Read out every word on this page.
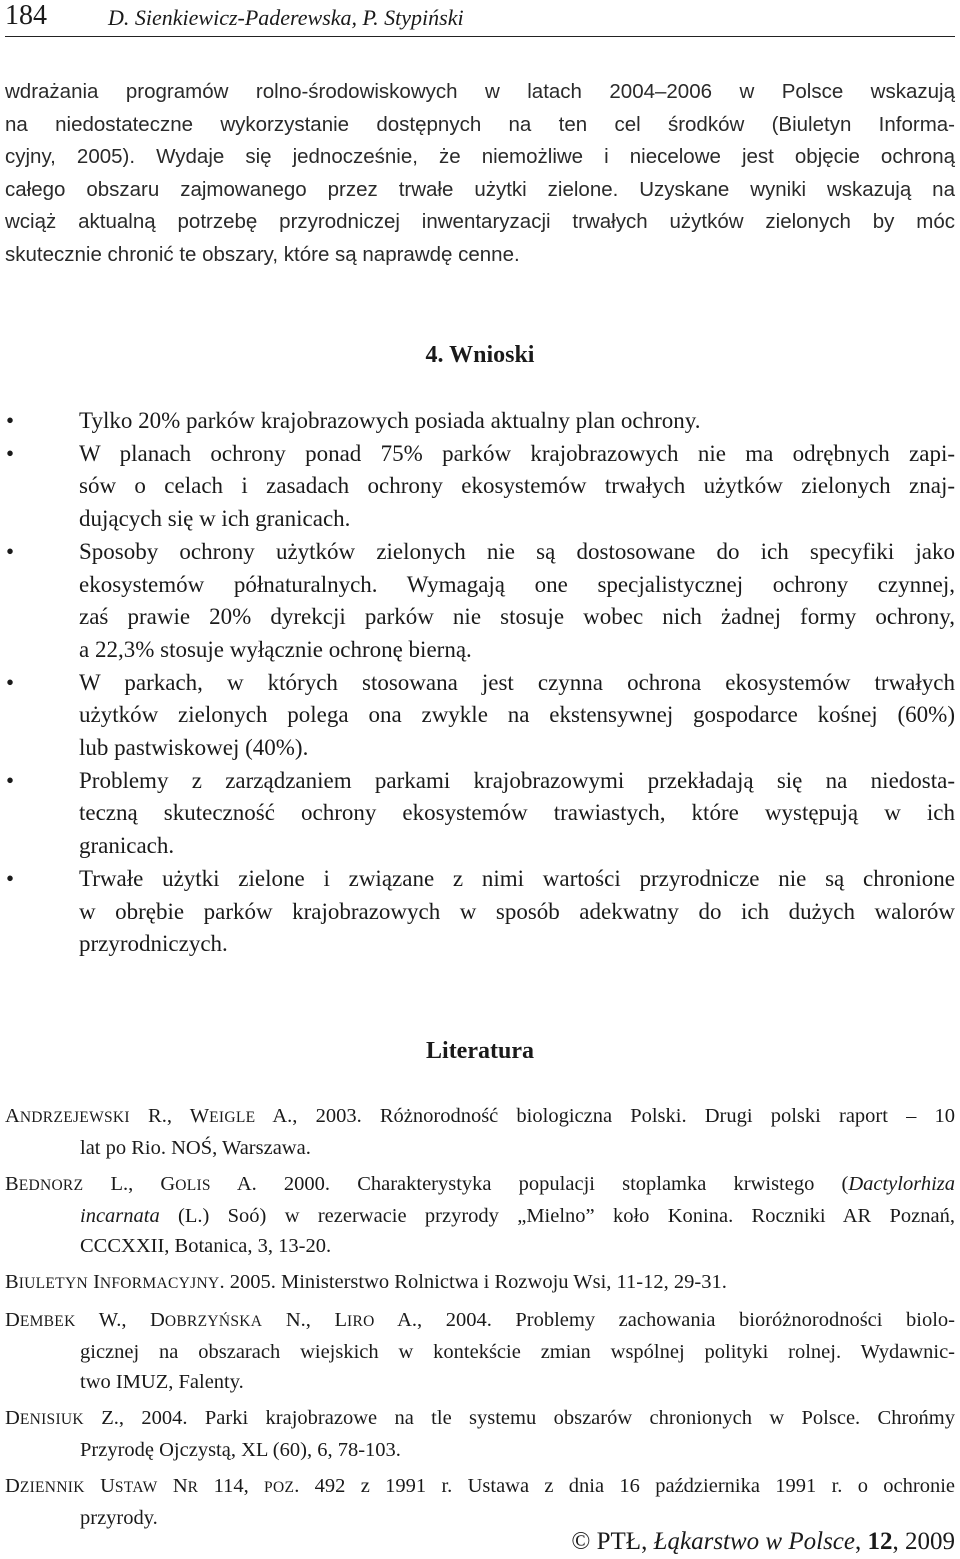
184	D. Sienkiewicz-Paderewska, P. Stypiński
wdrażania programów rolno-środowiskowych w latach 2004–2006 w Polsce wskazują
na niedostateczne wykorzystanie dostępnych na ten cel środków (Biuletyn Informa-
cyjny, 2005). Wydaje się jednocześnie, że niemożliwe i niecelowe jest objęcie ochroną
całego obszaru zajmowanego przez trwałe użytki zielone. Uzyskane wyniki wskazują na
wciąż aktualną potrzebę przyrodniczej inwentaryzacji trwałych użytków zielonych by móc
skutecznie chronić te obszary, które są naprawdę cenne.
4. Wnioski
•	Tylko 20% parków krajobrazowych posiada aktualny plan ochrony.
•	W planach ochrony ponad 75% parków krajobrazowych nie ma odrębnych zapi-
sów o celach i zasadach ochrony ekosystemów trwałych użytków zielonych znaj-
dujących się w ich granicach.
•	Sposoby ochrony użytków zielonych nie są dostosowane do ich specyfiki jako
ekosystemów półnaturalnych. Wymagają one specjalistycznej ochrony czynnej,
zaś prawie 20% dyrekcji parków nie stosuje wobec nich żadnej formy ochrony,
a 22,3% stosuje wyłącznie ochronę bierną.
•	W parkach, w których stosowana jest czynna ochrona ekosystemów trwałych
użytków zielonych polega ona zwykle na ekstensywnej gospodarce kośnej (60%)
lub pastwiskowej (40%).
•	Problemy z zarządzaniem parkami krajobrazowymi przekładają się na niedosta-
teczną skuteczność ochrony ekosystemów trawiastych, które występują w ich
granicach.
•	Trwałe użytki zielone i związane z nimi wartości przyrodnicze nie są chronione
w obrębie parków krajobrazowych w sposób adekwatny do ich dużych walorów
przyrodniczych.
Literatura
ANDRZEJEWSKI R., WEIGLE A., 2003. Różnorodność biologiczna Polski. Drugi polski raport – 10
lat po Rio. NOŚ, Warszawa.
BEDNORZ L., GOLIS A. 2000. Charakterystyka populacji stoplamka krwistego (Dactylorhiza
incarnata (L.) Soó) w rezerwacie przyrody „Mielno” koło Konina. Roczniki AR Poznań,
CCCXXII, Botanica, 3, 13-20.
BIULETYN INFORMACYJNY. 2005. Ministerstwo Rolnictwa i Rozwoju Wsi, 11-12, 29-31.
DEMBEK W., DOBRZYŃSKA N., LIRO A., 2004. Problemy zachowania bioróżnorodności biolo-
gicznej na obszarach wiejskich w kontekście zmian wspólnej polityki rolnej. Wydawnic-
two IMUZ, Falenty.
DENISIUK Z., 2004. Parki krajobrazowe na tle systemu obszarów chronionych w Polsce. Chrońmy
Przyrodę Ojczystą, XL (60), 6, 78-103.
DZIENNIK USTAW NR 114, POZ. 492 z 1991 r. Ustawa z dnia 16 października 1991 r. o ochronie
przyrody.
© PTŁ, Łąkarstwo w Polsce, 12, 2009
